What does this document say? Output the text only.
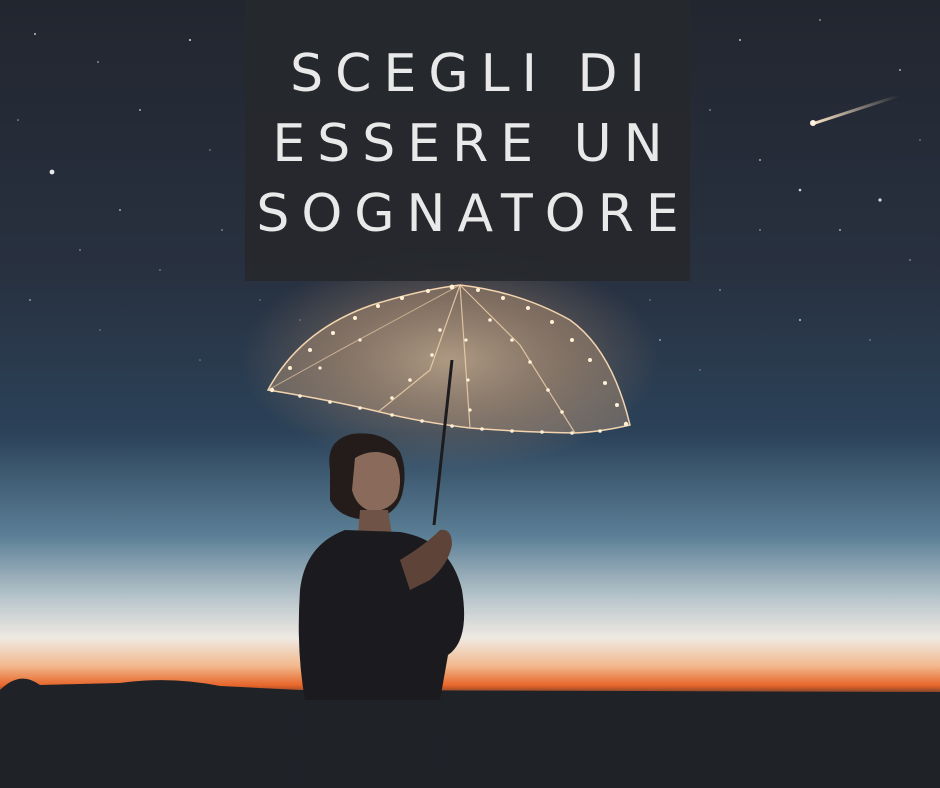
SCEGLI DI
ESSERE UN
SOGNATORE
